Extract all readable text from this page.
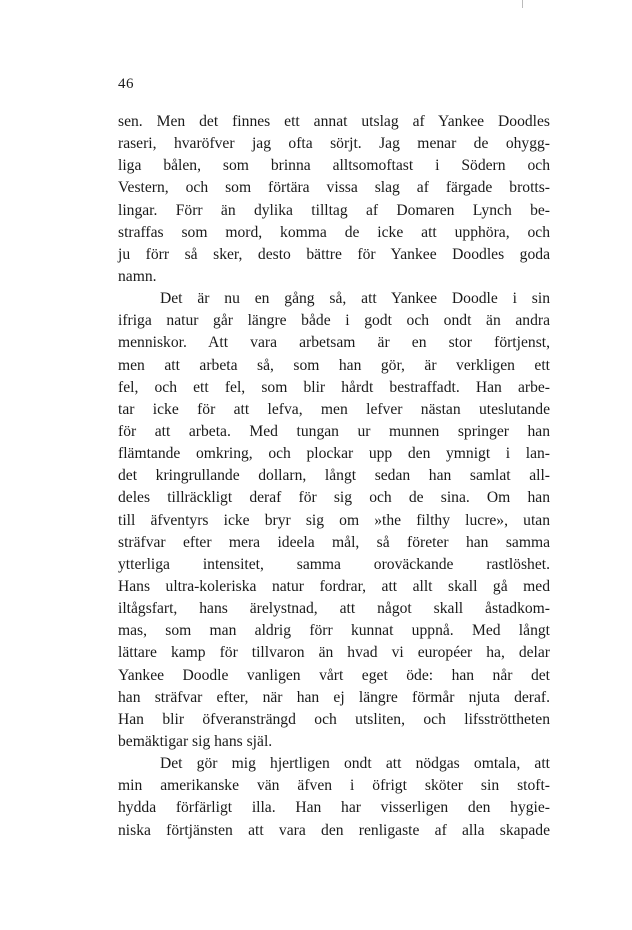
46
sen. Men det finnes ett annat utslag af Yankee Doodles
raseri, hvaröfver jag ofta sörjt. Jag menar de ohygg-
liga bålen, som brinna alltsomoftast i Södern och
Vestern, och som förtära vissa slag af färgade brotts-
lingar. Förr än dylika tilltag af Domaren Lynch be-
straffas som mord, komma de icke att upphöra, och
ju förr så sker, desto bättre för Yankee Doodles goda
namn.
Det är nu en gång så, att Yankee Doodle i sin
ifriga natur går längre både i godt och ondt än andra
menniskor. Att vara arbetsam är en stor förtjenst,
men att arbeta så, som han gör, är verkligen ett
fel, och ett fel, som blir hårdt bestraffadt. Han arbe-
tar icke för att lefva, men lefver nästan uteslutande
för att arbeta. Med tungan ur munnen springer han
flämtande omkring, och plockar upp den ymnigt i lan-
det kringrullande dollarn, långt sedan han samlat all-
deles tillräckligt deraf för sig och de sina. Om han
till äfventyrs icke bryr sig om »the filthy lucre», utan
sträfvar efter mera ideela mål, så företer han samma
ytterliga intensitet, samma oroväckande rastlöshet.
Hans ultra-koleriska natur fordrar, att allt skall gå med
iltågsfart, hans ärelystnad, att något skall åstadkom-
mas, som man aldrig förr kunnat uppnå. Med långt
lättare kamp för tillvaron än hvad vi européer ha, delar
Yankee Doodle vanligen vårt eget öde: han når det
han sträfvar efter, när han ej längre förmår njuta deraf.
Han blir öfveransträngd och utsliten, och lifsströttheten
bemäktigar sig hans själ.
Det gör mig hjertligen ondt att nödgas omtala, att
min amerikanske vän äfven i öfrigt sköter sin stoft-
hydda förfärligt illa. Han har visserligen den hygie-
niska förtjänsten att vara den renligaste af alla skapade
